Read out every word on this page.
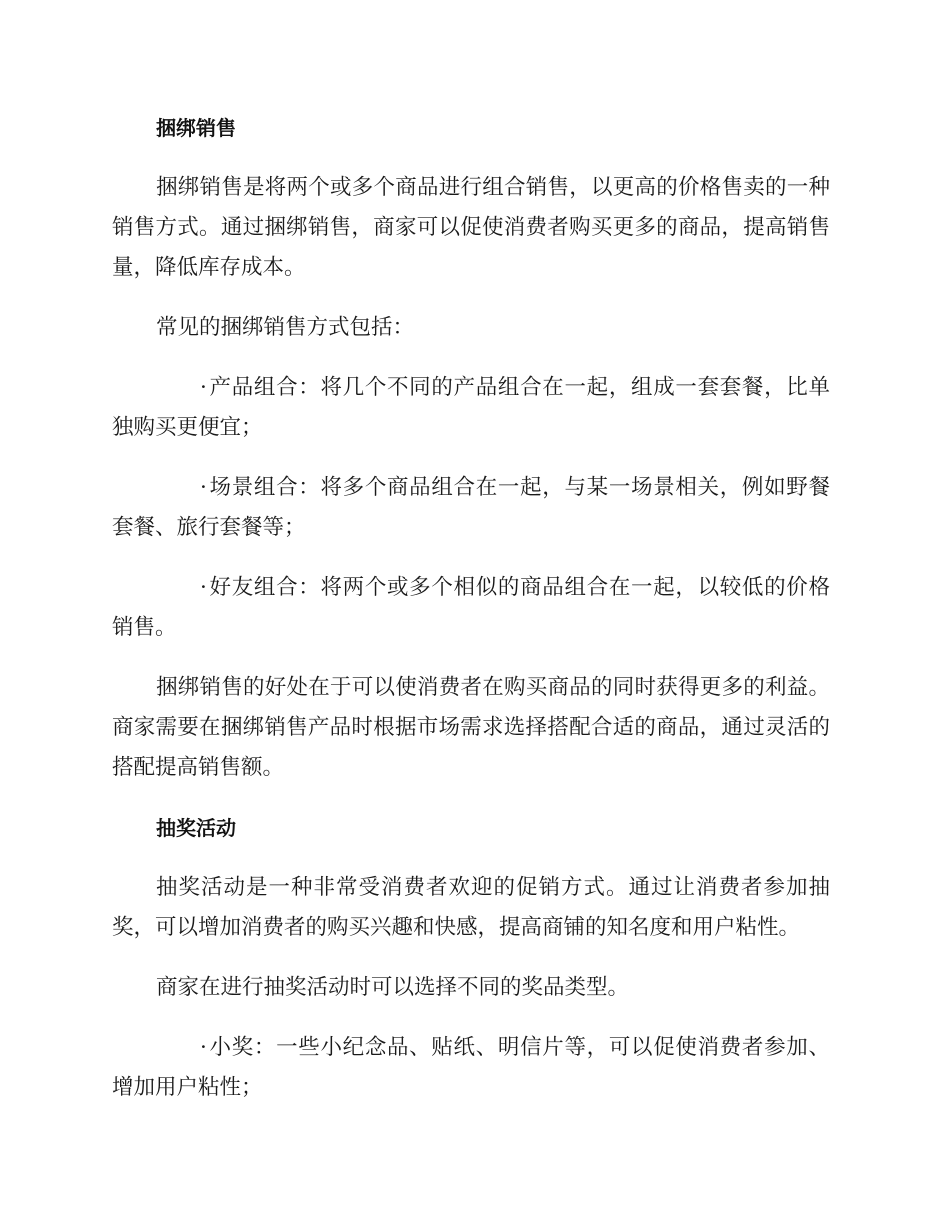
捆绑销售

捆绑销售是将两个或多个商品进行组合销售，以更高的价格售卖的一种销售方式。通过捆绑销售，商家可以促使消费者购买更多的商品，提高销售量，降低库存成本。

常见的捆绑销售方式包括：

·产品组合：将几个不同的产品组合在一起，组成一套套餐，比单独购买更便宜；

·场景组合：将多个商品组合在一起，与某一场景相关，例如野餐套餐、旅行套餐等；

·好友组合：将两个或多个相似的商品组合在一起，以较低的价格销售。

捆绑销售的好处在于可以使消费者在购买商品的同时获得更多的利益。商家需要在捆绑销售产品时根据市场需求选择搭配合适的商品，通过灵活的搭配提高销售额。

抽奖活动

抽奖活动是一种非常受消费者欢迎的促销方式。通过让消费者参加抽奖，可以增加消费者的购买兴趣和快感，提高商铺的知名度和用户粘性。

商家在进行抽奖活动时可以选择不同的奖品类型。

·小奖：一些小纪念品、贴纸、明信片等，可以促使消费者参加、增加用户粘性；
